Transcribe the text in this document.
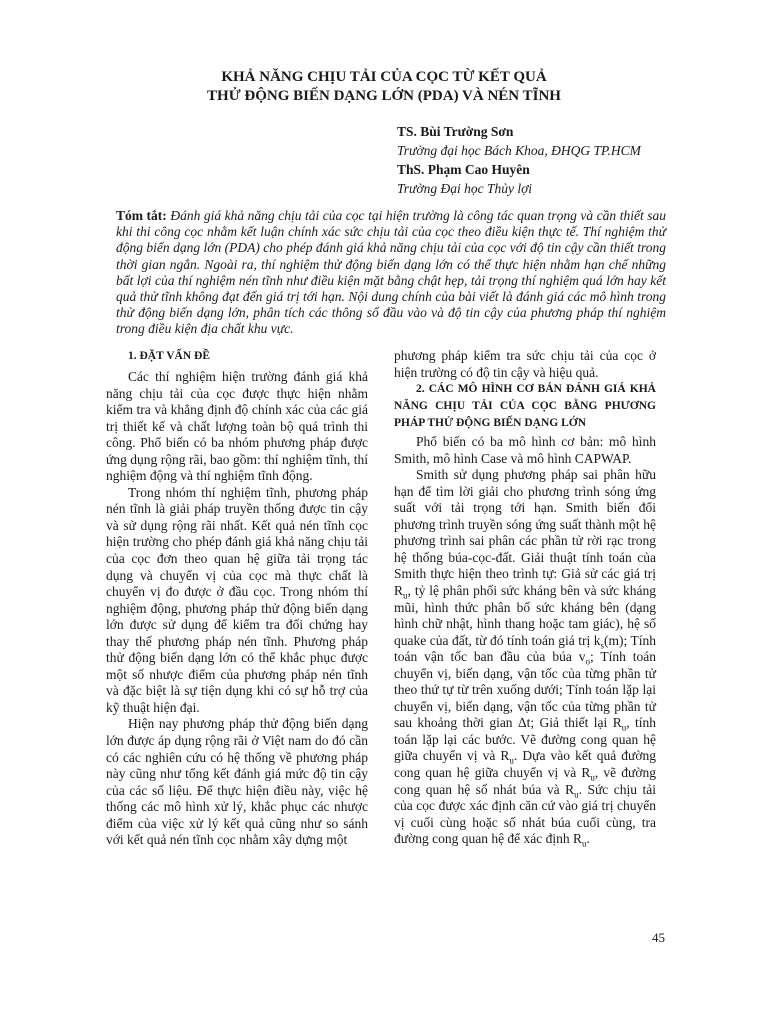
KHẢ NĂNG CHỊU TẢI CỦA CỌC TỪ KẾT QUẢ
THỬ ĐỘNG BIẾN DẠNG LỚN (PDA) VÀ NÉN TĨNH
TS. Bùi Trường Sơn
Trường đại học Bách Khoa, ĐHQG TP.HCM
ThS. Phạm Cao Huyên
Trường Đại học Thủy lợi

Tóm tắt: Đánh giá khả năng chịu tải của cọc tại hiện trường là công tác quan trọng và cần thiết sau khi thi công cọc nhằm kết luận chính xác sức chịu tải của cọc theo điều kiện thực tế. Thí nghiệm thử động biến dạng lớn (PDA) cho phép đánh giá khả năng chịu tải của cọc với độ tin cậy cần thiết trong thời gian ngắn. Ngoài ra, thí nghiệm thử động biến dạng lớn có thể thực hiện nhằm hạn chế những bất lợi của thí nghiệm nén tĩnh như điều kiện mặt bằng chật hẹp, tải trọng thí nghiệm quá lớn hay kết quả thử tĩnh không đạt đến giá trị tới hạn. Nội dung chính của bài viết là đánh giá các mô hình trong thử động biến dạng lớn, phân tích các thông số đầu vào và độ tin cậy của phương pháp thí nghiệm trong điều kiện địa chất khu vực.

1. ĐẶT VẤN ĐỀ

Các thí nghiệm hiện trường đánh giá khả năng chịu tải của cọc được thực hiện nhằm kiểm tra và khẳng định độ chính xác của các giá trị thiết kế và chất lượng toàn bộ quá trình thi công. Phổ biến có ba nhóm phương pháp được ứng dụng rộng rãi, bao gồm: thí nghiệm tĩnh, thí nghiệm động và thí nghiệm tĩnh động.

Trong nhóm thí nghiệm tĩnh, phương pháp nén tĩnh là giải pháp truyền thống được tin cậy và sử dụng rộng rãi nhất. Kết quả nén tĩnh cọc hiện trường cho phép đánh giá khả năng chịu tải của cọc đơn theo quan hệ giữa tải trọng tác dụng và chuyển vị của cọc mà thực chất là chuyển vị đo được ở đầu cọc. Trong nhóm thí nghiệm động, phương pháp thử động biến dạng lớn được sử dụng để kiểm tra đối chứng hay thay thế phương pháp nén tĩnh. Phương pháp thử động biến dạng lớn có thể khắc phục được một số nhược điểm của phương pháp nén tĩnh và đặc biệt là sự tiện dụng khi có sự hỗ trợ của kỹ thuật hiện đại.

Hiện nay phương pháp thử động biến dạng lớn được áp dụng rộng rãi ở Việt nam do đó cần có các nghiên cứu có hệ thống về phương pháp này cũng như tổng kết đánh giá mức độ tin cậy của các số liệu. Để thực hiện điều này, việc hệ thống các mô hình xử lý, khắc phục các nhược điểm của việc xử lý kết quả cũng như so sánh với kết quả nén tĩnh cọc nhằm xây dựng một

phương pháp kiểm tra sức chịu tải của cọc ở hiện trường có độ tin cậy và hiệu quả.

2. CÁC MÔ HÌNH CƠ BẢN ĐÁNH GIÁ KHẢ NĂNG CHỊU TẢI CỦA CỌC BẰNG PHƯƠNG PHÁP THỬ ĐỘNG BIẾN DẠNG LỚN

Phổ biến có ba mô hình cơ bản: mô hình Smith, mô hình Case và mô hình CAPWAP.

Smith sử dụng phương pháp sai phân hữu hạn để tìm lời giải cho phương trình sóng ứng suất với tải trọng tới hạn. Smith biến đổi phương trình truyền sóng ứng suất thành một hệ phương trình sai phân các phần tử rời rạc trong hệ thống búa-cọc-đất. Giải thuật tính toán của Smith thực hiện theo trình tự: Giả sử các giá trị $R_u$, tỷ lệ phân phối sức kháng bên và sức kháng mũi, hình thức phân bố sức kháng bên (dạng hình chữ nhật, hình thang hoặc tam giác), hệ số quake của đất, từ đó tính toán giá trị $k_s(m)$; Tính toán vận tốc ban đầu của búa $v_o$; Tính toán chuyển vị, biến dạng, vận tốc của từng phần tử theo thứ tự từ trên xuống dưới; Tính toán lặp lại chuyển vị, biến dạng, vận tốc của từng phần tử sau khoảng thời gian Δt; Giả thiết lại $R_u$, tính toán lặp lại các bước. Vẽ đường cong quan hệ giữa chuyển vị và $R_u$. Dựa vào kết quả đường cong quan hệ giữa chuyển vị và $R_u$, vẽ đường cong quan hệ số nhát búa và $R_u$. Sức chịu tải của cọc được xác định căn cứ vào giá trị chuyển vị cuối cùng hoặc số nhát búa cuối cùng, tra đường cong quan hệ để xác định $R_u$.

45
